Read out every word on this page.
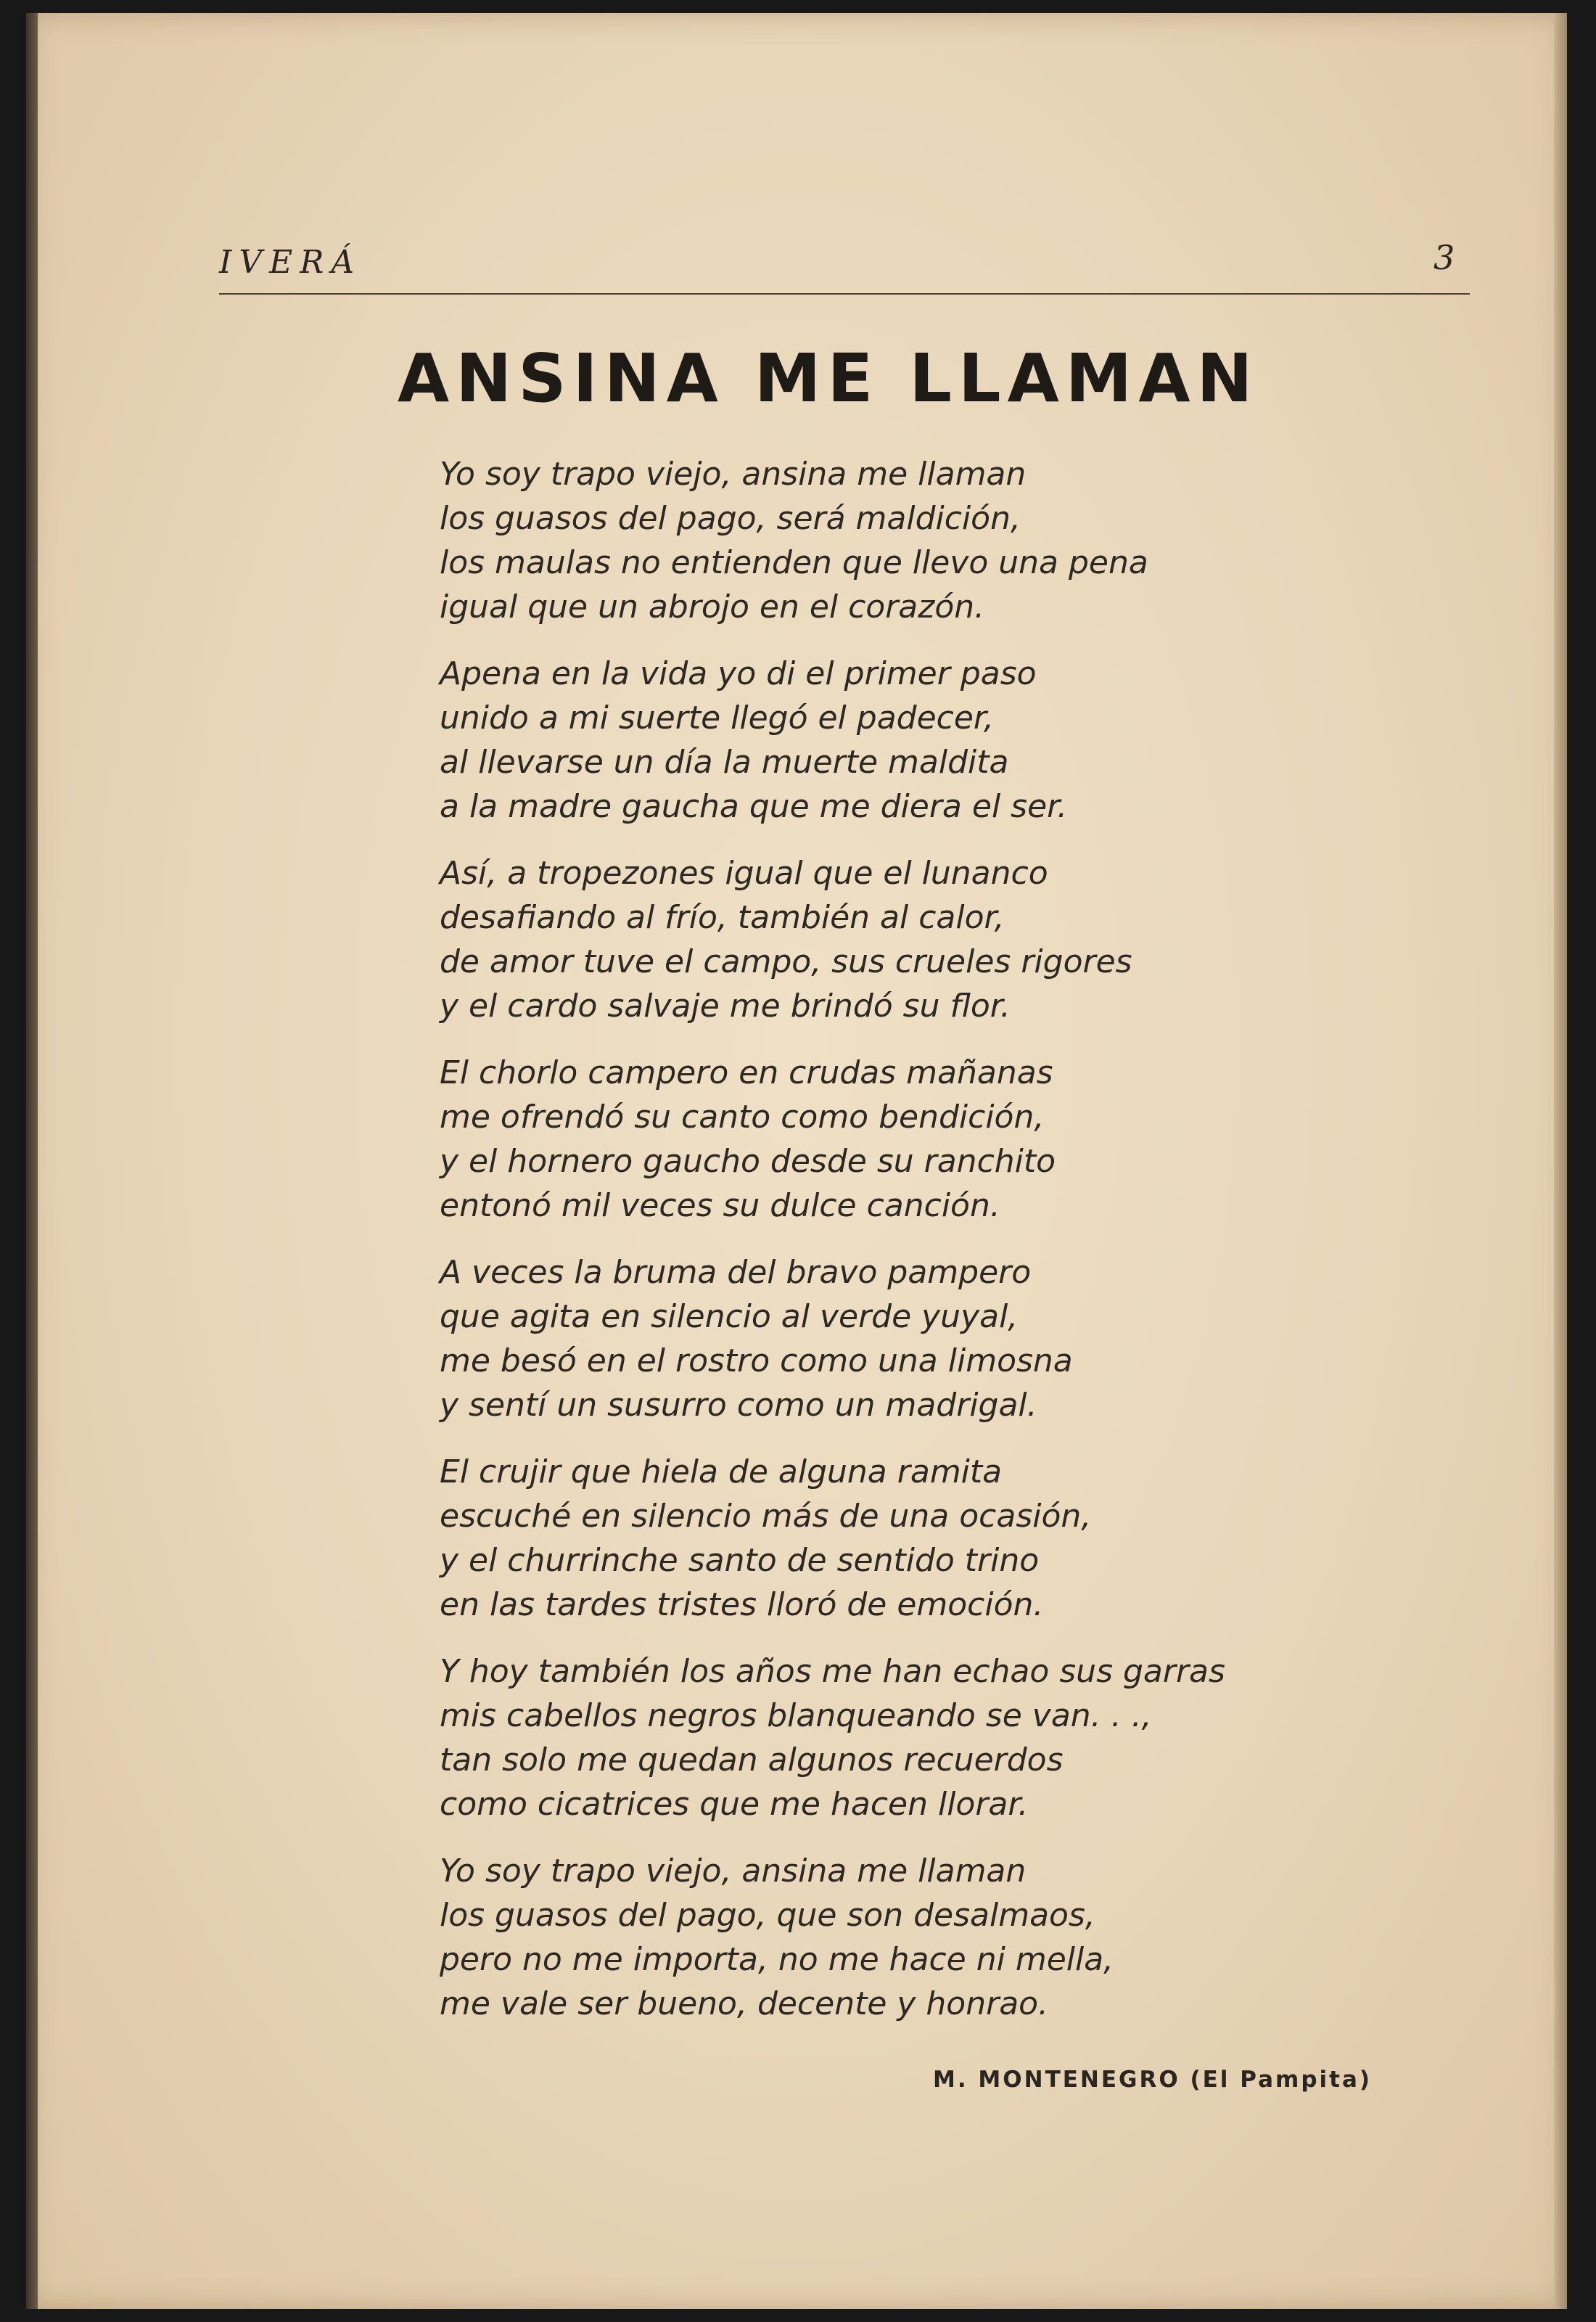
IVERÁ	3
ANSINA ME LLAMAN
Yo soy trapo viejo, ansina me llaman
los guasos del pago, será maldición,
los maulas no entienden que llevo una pena
igual que un abrojo en el corazón.
Apena en la vida yo di el primer paso
unido a mi suerte llegó el padecer,
al llevarse un día la muerte maldita
a la madre gaucha que me diera el ser.
Así, a tropezones igual que el lunanco
desafiando al frío, también al calor,
de amor tuve el campo, sus crueles rigores
y el cardo salvaje me brindó su flor.
El chorlo campero en crudas mañanas
me ofrendó su canto como bendición,
y el hornero gaucho desde su ranchito
entonó mil veces su dulce canción.
A veces la bruma del bravo pampero
que agita en silencio al verde yuyal,
me besó en el rostro como una limosna
y sentí un susurro como un madrigal.
El crujir que hiela de alguna ramita
escuché en silencio más de una ocasión,
y el churrinche santo de sentido trino
en las tardes tristes lloró de emoción.
Y hoy también los años me han echao sus garras
mis cabellos negros blanqueando se van. . .,
tan solo me quedan algunos recuerdos
como cicatrices que me hacen llorar.
Yo soy trapo viejo, ansina me llaman
los guasos del pago, que son desalmaos,
pero no me importa, no me hace ni mella,
me vale ser bueno, decente y honrao.
M. MONTENEGRO (El Pampita)
